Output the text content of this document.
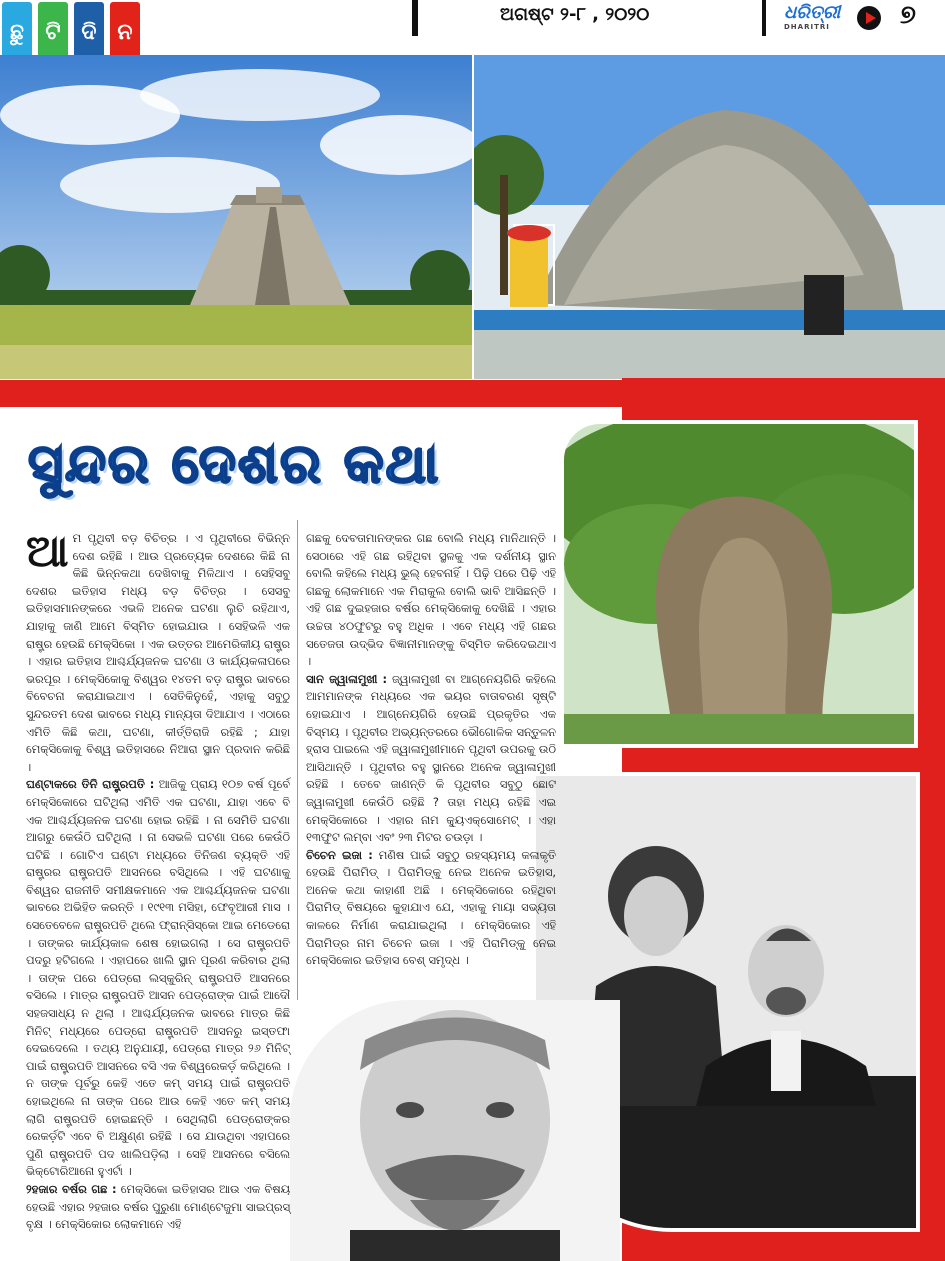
ଛୁ ଟି ଦି ନ
ଅଗଷ୍ଟ ୨-୮ , ୨୦୨୦	ଧରିତ୍ରୀ
DHARITRI	୭
ସୁନ୍ଦର ଦେଶର କଥା
ଆ ମ ପୃଥିବୀ ବଡ଼ ବିଚିତ୍ର । ଏ ପୃଥିବୀରେ ବିଭିନ୍ନ ଦେଶ ରହିଛି । ଆଉ ପ୍ରତ୍ୟେକ ଦେଶରେ କିଛି ନା କିଛି ଭିନ୍ନକଥା ଦେଖିବାକୁ ମିଳିଥାଏ । ସେହିସବୁ ଦେଶର ଇତିହାସ ମଧ୍ୟ ବଡ଼ ବିଚିତ୍ର । ସେସବୁ ଇତିହାସମାନଙ୍କରେ ଏଭଳି ଅନେକ ଘଟଣା ଲୁଚି ରହିଥାଏ, ଯାହାକୁ ଜାଣି ଆମେ ବିସ୍ମିତ ହୋଇଯାଉ । ସେହିଭଳି ଏକ ରାଷ୍ଟ୍ର ହେଉଛି ମେକ୍ସିକୋ । ଏକ ଉତ୍ତର ଆମେରିକୀୟ ରାଷ୍ଟ୍ର । ଏହାର ଇତିହାସ ଆଶ୍ଚର୍ଯ୍ୟଜନକ ଘଟଣା ଓ କାର୍ଯ୍ୟକଳାପରେ ଭରପୂର । ମେକ୍ସିକୋକୁ ବିଶ୍ୱର ୧୪ତମ ବଡ଼ ରାଷ୍ଟ୍ର ଭାବରେ ବିବେଚନା କରାଯାଇଥାଏ । ସେତିକିନୁହେଁ, ଏହାକୁ ସବୁଠୁ ସୁନ୍ଦରତମ ଦେଶ ଭାବରେ ମଧ୍ୟ ମାନ୍ୟତା ଦିଆଯାଏ । ଏଠାରେ ଏମିତି କିଛି କଥା, ଘଟଣା, କୀର୍ତ୍ତିରାଜି ରହିଛି ; ଯାହା ମେକ୍ସିକୋକୁ ବିଶ୍ୱ ଇତିହାସରେ ନିଆରା ସ୍ଥାନ ପ୍ରଦାନ କରିଛି ।

ଘଣ୍ଟାକରେ ତିନି ରାଷ୍ଟ୍ରପତି : ଆଜିକୁ ପ୍ରାୟ ୧୦୭ ବର୍ଷ ପୂର୍ବେ ମେକ୍ସିକୋରେ ଘଟିଥିଲା ଏମିତି ଏକ ଘଟଣା, ଯାହା ଏବେ ବି ଏକ ଆଶ୍ଚର୍ଯ୍ୟଜନକ ଘଟଣା ହୋଇ ରହିଛି । ନା ସେମିତି ଘଟଣା ଆଗରୁ କେଉଁଠି ଘଟିଥିଲା । ନା ସେଭଳି ଘଟଣା ପରେ କେଉଁଠି ଘଟିଛି । ଗୋଟିଏ ଘଣ୍ଟା ମଧ୍ୟରେ ତିନିଜଣ ବ୍ୟକ୍ତି ଏହି ରାଷ୍ଟ୍ରର ରାଷ୍ଟ୍ରପତି ଆସନରେ ବସିଥିଲେ । ଏହି ଘଟଣାକୁ ବିଶ୍ୱର ରାଜନୀତି ସମୀକ୍ଷକମାନେ ଏକ ଆଶ୍ଚର୍ଯ୍ୟଜନକ ଘଟଣା ଭାବରେ ଅଭିହିତ କରନ୍ତି । ୧୯୧୩ ମସିହା, ଫେବୃଆରୀ ମାସ । ସେତେବେଳେ ରାଷ୍ଟ୍ରପତି ଥିଲେ ଫ୍ରାନ୍ସିସ୍କୋ ଆଇ ମେଡେରୋ । ତାଙ୍କର କାର୍ଯ୍ୟକାଳ ଶେଷ ହୋଇଗଲା । ସେ ରାଷ୍ଟ୍ରପତି ପଦରୁ ହଟିଗଲେ । ଏହାପରେ ଖାଲି ସ୍ଥାନ ପୂରଣ କରିବାର ଥିଲା । ତାଙ୍କ ପରେ ପେଡ୍ରୋ ଲସ୍କୁରିନ୍ ରାଷ୍ଟ୍ରପତି ଆସନରେ ବସିଲେ । ମାତ୍ର ରାଷ୍ଟ୍ରପତି ଆସନ ପେଡ୍ରୋଙ୍କ ପାଇଁ ଆଦୌ ସହଜସାଧ୍ୟ ନ ଥିଲା । ଆଶ୍ଚର୍ଯ୍ୟଜନକ ଭାବରେ ମାତ୍ର କିଛି ମିନିଟ୍ ମଧ୍ୟରେ ପେଡ୍ରୋ ରାଷ୍ଟ୍ରପତି ଆସନରୁ ଇସ୍ତଫା ଦେଇଦେଲେ । ତଥ୍ୟ ଅନୁଯାୟୀ, ପେଡ୍ରୋ ମାତ୍ର ୨୬ ମିନିଟ୍ ପାଇଁ ରାଷ୍ଟ୍ରପତି ଆସନରେ ବସି ଏକ ବିଶ୍ୱରେକର୍ଡ଼ କରିଥିଲେ । ନ ତାଙ୍କ ପୂର୍ବରୁ କେହି ଏତେ କମ୍ ସମୟ ପାଇଁ ରାଷ୍ଟ୍ରପତି ହୋଇଥିଲେ ନା ତାଙ୍କ ପରେ ଆଉ କେହି ଏତେ କମ୍ ସମୟ ଲାଗି ରାଷ୍ଟ୍ରପତି ହୋଇଛନ୍ତି । ସେଥିଲାଗି ପେଡ୍ରୋଙ୍କର ରେକର୍ଡ଼ଟି ଏବେ ବି ଅକ୍ଷୁଣ୍ଣ ରହିଛି । ସେ ଯାଉଥିବା ଏହାପରେ ପୁଣି ରାଷ୍ଟ୍ରପତି ପଦ ଖାଲିପଡ଼ିଲା । ସେହି ଆସନରେ ବସିଲେ ଭିକ୍ଟୋରିଆନୋ ହୁଏର୍ଟା ।

୨ହଜାର ବର୍ଷର ଗଛ : ମେକ୍ସିକୋ ଇତିହାସର ଆଉ ଏକ ବିଷୟ ହେଉଛି ଏହାର ୨ହଜାର ବର୍ଷର ପୁରୁଣା ମୋଣ୍ଟେଜୁମା ସାଇପ୍ରସ୍ ବୃକ୍ଷ । ମେକ୍ସିକୋର ଲୋକମାନେ ଏହି

ଗଛକୁ ଦେବତାମାନଙ୍କର ଗଛ ବୋଲି ମଧ୍ୟ ମାନିଥାନ୍ତି । ସେଠାରେ ଏହି ଗଛ ରହିଥିବା ସ୍ଥଳକୁ ଏକ ଦର୍ଶନୀୟ ସ୍ଥାନ ବୋଲି କହିଲେ ମଧ୍ୟ ଭୁଲ୍ ହେବନାହିଁ । ପିଢ଼ି ପରେ ପିଢ଼ି ଏହି ଗଛକୁ ଲୋକମାନେ ଏକ ମିରାକୁଲ ବୋଲି ଭାବି ଆସିଛନ୍ତି । ଏହି ଗଛ ଦୁଇହଜାର ବର୍ଷର ମେକ୍ସିକୋକୁ ଦେଖିଛି । ଏହାର ଉଚ୍ଚତା ୪୦ଫୁଟରୁ ବହୁ ଅଧିକ । ଏବେ ମଧ୍ୟ ଏହି ଗଛର ସତେଜତା ଉଦ୍ଭିଦ ବିଜ୍ଞାନୀମାନଙ୍କୁ ବିସ୍ମିତ କରିଦେଇଥାଏ ।

ସାନ ଜ୍ୱାଳାମୁଖୀ : ଜ୍ୱାଳାମୁଖୀ ବା ଆଗ୍ନେୟଗିରି କହିଲେ ଆମମାନଙ୍କ ମଧ୍ୟରେ ଏକ ଭୟର ବାତାବରଣ ସୃଷ୍ଟି ହୋଇଯାଏ । ଆଗ୍ନେୟଗିରି ହେଉଛି ପ୍ରକୃତିର ଏକ ବିସ୍ମୟ । ପୃଥିବୀର ଅଭ୍ୟନ୍ତରରେ ଭୌଗୋଳିକ ସନ୍ତୁଳନ ହ୍ରାସ ପାଇଲେ ଏହି ଜ୍ୱାଳାମୁଖୀମାନେ ପୃଥିବୀ ଉପରକୁ ଉଠି ଆସିଥାନ୍ତି । ପୃଥିବୀର ବହୁ ସ୍ଥାନରେ ଅନେକ ଜ୍ୱାଳାମୁଖୀ ରହିଛି । ତେବେ ଜାଣନ୍ତି କି ପୃଥିବୀର ସବୁଠୁ ଛୋଟ ଜ୍ୱାଳାମୁଖୀ କେଉଁଠି ରହିଛି ? ତାହା ମଧ୍ୟ ରହିଛି ଏଇ ମେକ୍ସିକୋରେ । ଏହାର ନାମ କ୍ୟୁଏକ୍ସୋମେଟ୍ । ଏହା ୧୩ଫୁଟ ଲମ୍ବା ଏବଂ ୨୩ ମିଟର ଚଉଡ଼ା ।

ଚିଚେନ ଇଜା : ମଣିଷ ପାଇଁ ସବୁଠୁ ରହସ୍ୟମୟ କଳାକୃତି ହେଉଛି ପିରାମିଡ୍ । ପିରାମିଡ୍‌କୁ ନେଇ ଅନେକ ଇତିହାସ, ଅନେକ କଥା କାହାଣୀ ଅଛି । ମେକ୍ସିକୋରେ ରହିଥିବା ପିରାମିଡ୍ ବିଷୟରେ କୁହାଯାଏ ଯେ, ଏହାକୁ ମାୟା ସଭ୍ୟତା କାଳରେ ନିର୍ମାଣ କରାଯାଇଥିଲା । ମେକ୍ସିକୋର ଏହି ପିରାମିଡ୍‌ର ନାମ ଚିଚେନ ଇଜା । ଏହି ପିରାମିଡ୍‌କୁ ନେଇ ମେକ୍ସିକୋର ଇତିହାସ ବେଶ୍ ସମୃଦ୍ଧ ।
